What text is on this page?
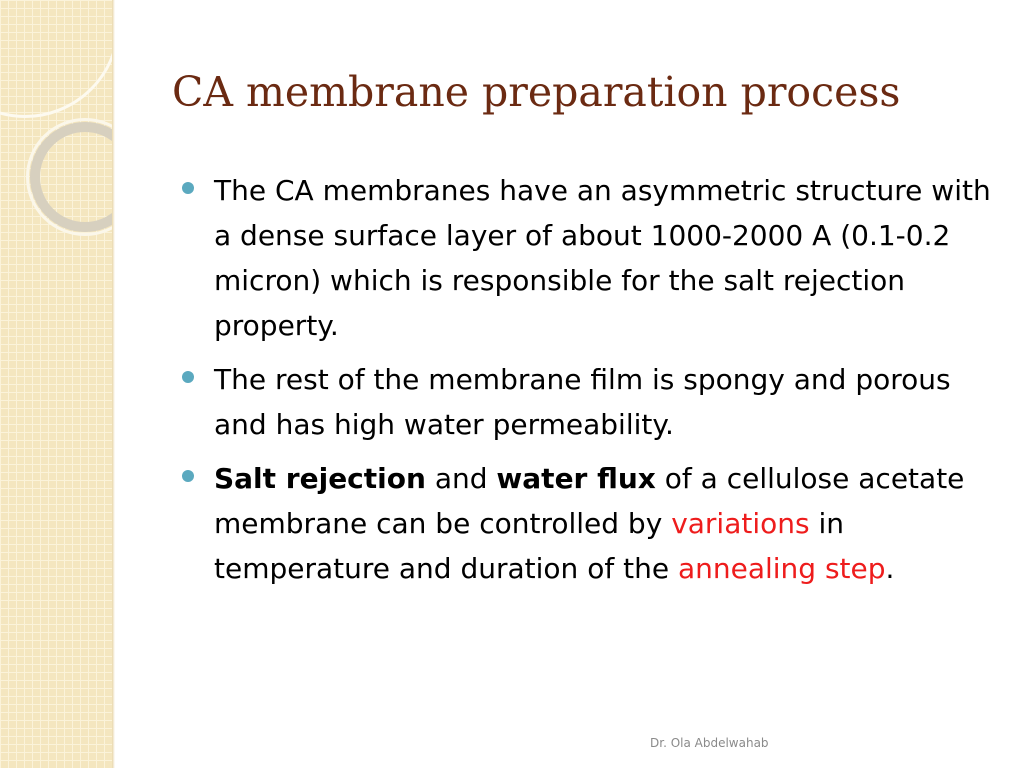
CA membrane preparation process

The CA membranes have an asymmetric structure with a dense surface layer of about 1000-2000 A (0.1-0.2 micron) which is responsible for the salt rejection property.

The rest of the membrane film is spongy and porous and has high water permeability.

Salt rejection and water flux of a cellulose acetate membrane can be controlled by variations in temperature and duration of the annealing step.

Dr. Ola Abdelwahab
